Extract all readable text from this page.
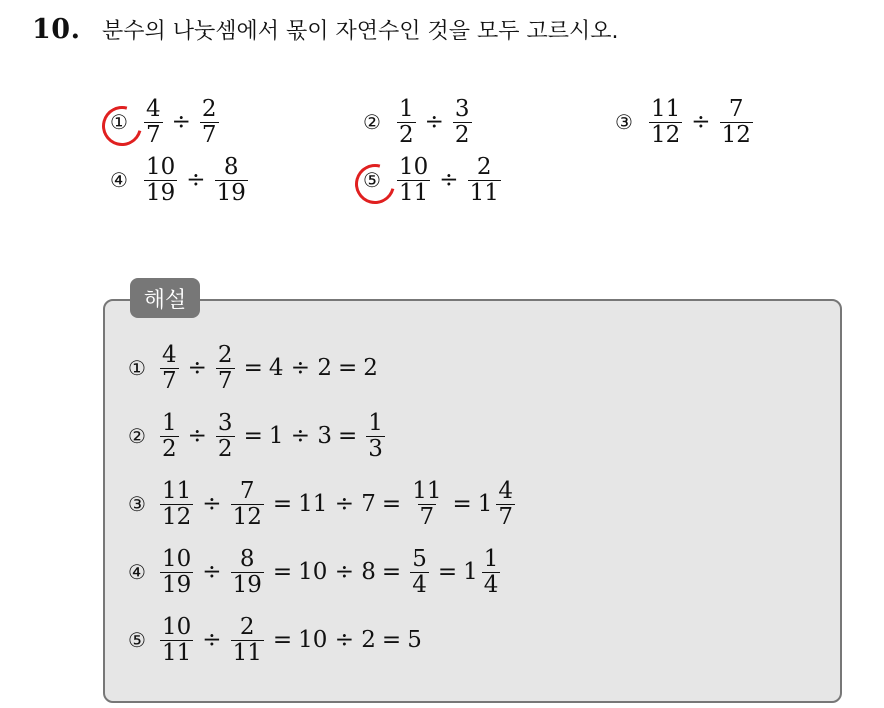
10. 분수의 나눗셈에서 몫이 자연수인 것을 모두 고르시오.
① $\frac{4}{7} \div \frac{2}{7}$	② $\frac{1}{2} \div \frac{3}{2}$	③ $\frac{11}{12} \div \frac{7}{12}$
④ $\frac{10}{19} \div \frac{8}{19}$	⑤ $\frac{10}{11} \div \frac{2}{11}$
해설
① $\frac{4}{7} \div \frac{2}{7} = 4 \div 2 = 2$
② $\frac{1}{2} \div \frac{3}{2} = 1 \div 3 = \frac{1}{3}$
③ $\frac{11}{12} \div \frac{7}{12} = 11 \div 7 = \frac{11}{7} = 1 \frac{4}{7}$
④ $\frac{10}{19} \div \frac{8}{19} = 10 \div 8 = \frac{5}{4} = 1 \frac{1}{4}$
⑤ $\frac{10}{11} \div \frac{2}{11} = 10 \div 2 = 5$
